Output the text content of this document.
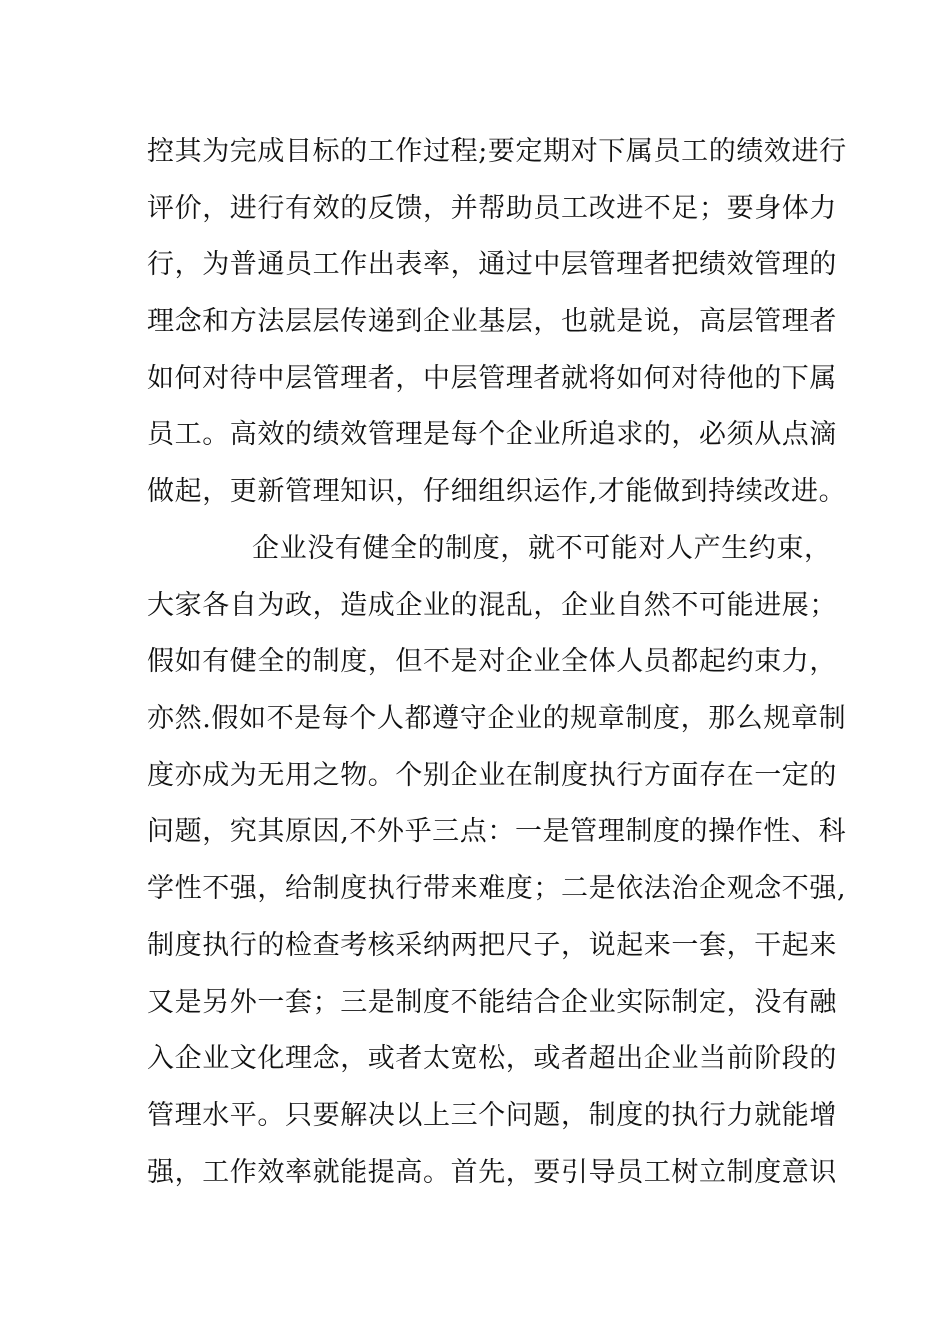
控其为完成目标的工作过程;要定期对下属员工的绩效进行
评价，进行有效的反馈，并帮助员工改进不足；要身体力
行，为普通员工作出表率，通过中层管理者把绩效管理的
理念和方法层层传递到企业基层，也就是说，高层管理者
如何对待中层管理者，中层管理者就将如何对待他的下属
员工。高效的绩效管理是每个企业所追求的，必须从点滴
做起，更新管理知识，仔细组织运作,才能做到持续改进。
企业没有健全的制度，就不可能对人产生约束，
大家各自为政，造成企业的混乱，企业自然不可能进展；
假如有健全的制度，但不是对企业全体人员都起约束力，
亦然.假如不是每个人都遵守企业的规章制度，那么规章制
度亦成为无用之物。个别企业在制度执行方面存在一定的
问题，究其原因,不外乎三点：一是管理制度的操作性、科
学性不强，给制度执行带来难度；二是依法治企观念不强,
制度执行的检查考核采纳两把尺子，说起来一套，干起来
又是另外一套；三是制度不能结合企业实际制定，没有融
入企业文化理念，或者太宽松，或者超出企业当前阶段的
管理水平。只要解决以上三个问题，制度的执行力就能增
强，工作效率就能提高。首先，要引导员工树立制度意识
